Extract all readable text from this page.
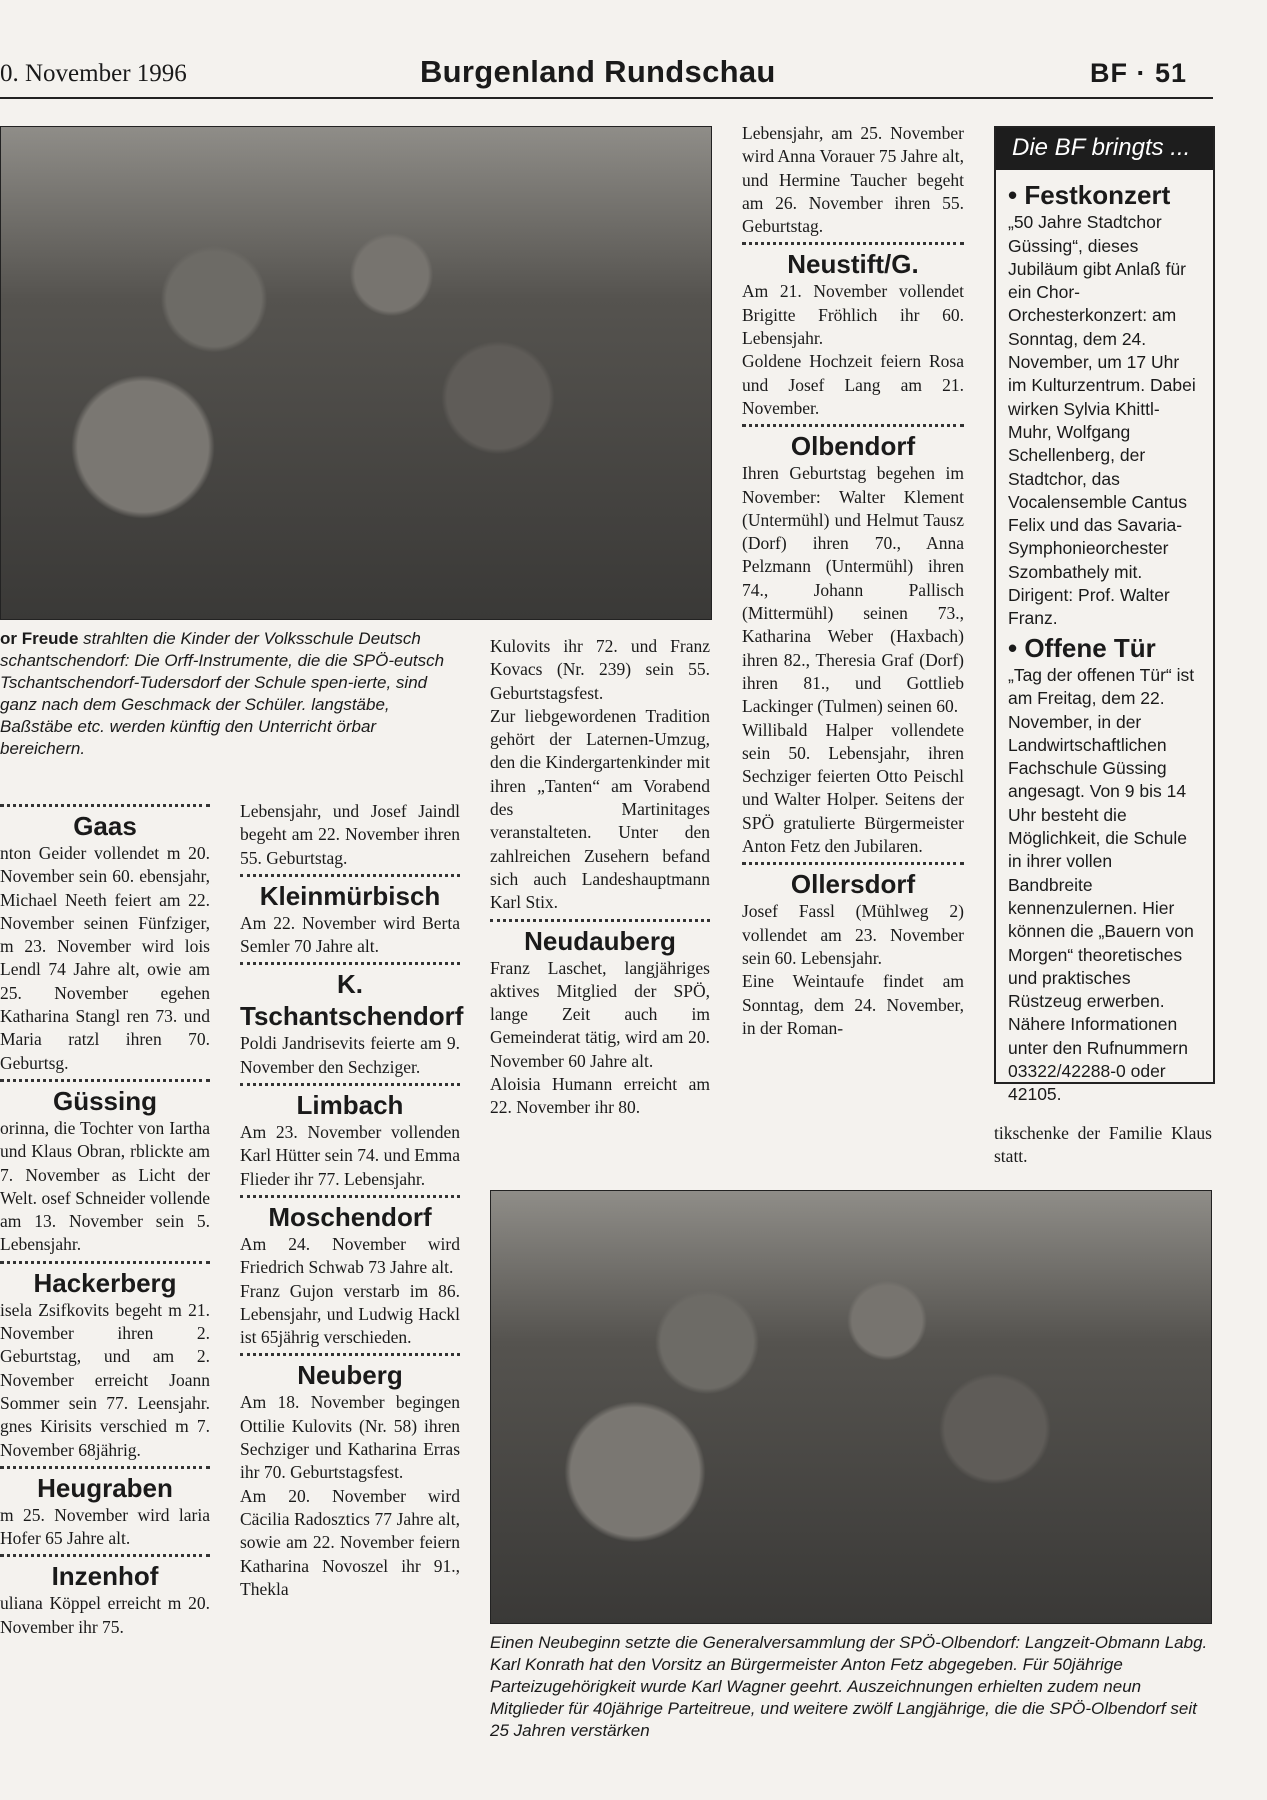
0. November 1996	Burgenland Rundschau	BF · 51
or Freude strahlten die Kinder der Volksschule Deutsch schantschendorf: Die Orff-Instrumente, die die SPÖ-eutsch Tschantschendorf-Tudersdorf der Schule spen-ierte, sind ganz nach dem Geschmack der Schüler. langstäbe, Baßstäbe etc. werden künftig den Unterricht örbar bereichern.
Gaas

nton Geider vollendet m 20. November sein 60. ebensjahr, Michael Neeth feiert am 22. November seinen Fünfziger, m 23. November wird lois Lendl 74 Jahre alt, owie am 25. November egehen Katharina Stangl ren 73. und Maria ratzl ihren 70. Geburtsg.

Güssing

orinna, die Tochter von Iartha und Klaus Obran, rblickte am 7. November as Licht der Welt. osef Schneider vollende am 13. November sein 5. Lebensjahr.

Hackerberg

isela Zsifkovits begeht m 21. November ihren 2. Geburtstag, und am 2. November erreicht Joann Sommer sein 77. Leensjahr. gnes Kirisits verschied m 7. November 68jährig.

Heugraben

m 25. November wird laria Hofer 65 Jahre alt.

Inzenhof

uliana Köppel erreicht m 20. November ihr 75.

Lebensjahr, und Josef Jaindl begeht am 22. November ihren 55. Geburtstag.

Kleinmürbisch

Am 22. November wird Berta Semler 70 Jahre alt.

K. Tschantschendorf

Poldi Jandrisevits feierte am 9. November den Sechziger.

Limbach

Am 23. November vollenden Karl Hütter sein 74. und Emma Flieder ihr 77. Lebensjahr.

Moschendorf

Am 24. November wird Friedrich Schwab 73 Jahre alt.

Franz Gujon verstarb im 86. Lebensjahr, und Ludwig Hackl ist 65jährig verschieden.

Neuberg

Am 18. November begingen Ottilie Kulovits (Nr. 58) ihren Sechziger und Katharina Erras ihr 70. Geburtstagsfest.

Am 20. November wird Cäcilia Radosztics 77 Jahre alt, sowie am 22. November feiern Katharina Novoszel ihr 91., Thekla

Kulovits ihr 72. und Franz Kovacs (Nr. 239) sein 55. Geburtstagsfest.

Zur liebgewordenen Tradition gehört der Laternen-Umzug, den die Kindergartenkinder mit ihren „Tanten“ am Vorabend des Martinitages veranstalteten. Unter den zahlreichen Zusehern befand sich auch Landeshauptmann Karl Stix.

Neudauberg

Franz Laschet, langjähriges aktives Mitglied der SPÖ, lange Zeit auch im Gemeinderat tätig, wird am 20. November 60 Jahre alt.

Aloisia Humann erreicht am 22. November ihr 80.

Lebensjahr, am 25. November wird Anna Vorauer 75 Jahre alt, und Hermine Taucher begeht am 26. November ihren 55. Geburtstag.

Neustift/G.

Am 21. November vollendet Brigitte Fröhlich ihr 60. Lebensjahr.

Goldene Hochzeit feiern Rosa und Josef Lang am 21. November.

Olbendorf

Ihren Geburtstag begehen im November: Walter Klement (Untermühl) und Helmut Tausz (Dorf) ihren 70., Anna Pelzmann (Untermühl) ihren 74., Johann Pallisch (Mittermühl) seinen 73., Katharina Weber (Haxbach) ihren 82., Theresia Graf (Dorf) ihren 81., und Gottlieb Lackinger (Tulmen) seinen 60.

Willibald Halper vollendete sein 50. Lebensjahr, ihren Sechziger feierten Otto Peischl und Walter Holper. Seitens der SPÖ gratulierte Bürgermeister Anton Fetz den Jubilaren.

Ollersdorf

Josef Fassl (Mühlweg 2) vollendet am 23. November sein 60. Lebensjahr.

Eine Weintaufe findet am Sonntag, dem 24. November, in der Roman-

Die BF bringts ...
• Festkonzert

„50 Jahre Stadtchor Güssing“, dieses Jubiläum gibt Anlaß für ein Chor-Orchesterkonzert: am Sonntag, dem 24. November, um 17 Uhr im Kulturzentrum. Dabei wirken Sylvia Khittl-Muhr, Wolfgang Schellenberg, der Stadtchor, das Vocalensemble Cantus Felix und das Savaria-Symphonieorchester Szombathely mit. Dirigent: Prof. Walter Franz.

• Offene Tür

„Tag der offenen Tür“ ist am Freitag, dem 22. November, in der Landwirtschaftlichen Fachschule Güssing angesagt. Von 9 bis 14 Uhr besteht die Möglichkeit, die Schule in ihrer vollen Bandbreite kennenzulernen. Hier können die „Bauern von Morgen“ theoretisches und praktisches Rüstzeug erwerben. Nähere Informationen unter den Rufnummern 03322/42288-0 oder 42105.

tikschenke der Familie Klaus statt.

Einen Neubeginn setzte die Generalversammlung der SPÖ-Olbendorf: Langzeit-Obmann Labg. Karl Konrath hat den Vorsitz an Bürgermeister Anton Fetz abgegeben. Für 50jährige Parteizugehörigkeit wurde Karl Wagner geehrt. Auszeichnungen erhielten zudem neun Mitglieder für 40jährige Parteitreue, und weitere zwölf Langjährige, die die SPÖ-Olbendorf seit 25 Jahren verstärken
